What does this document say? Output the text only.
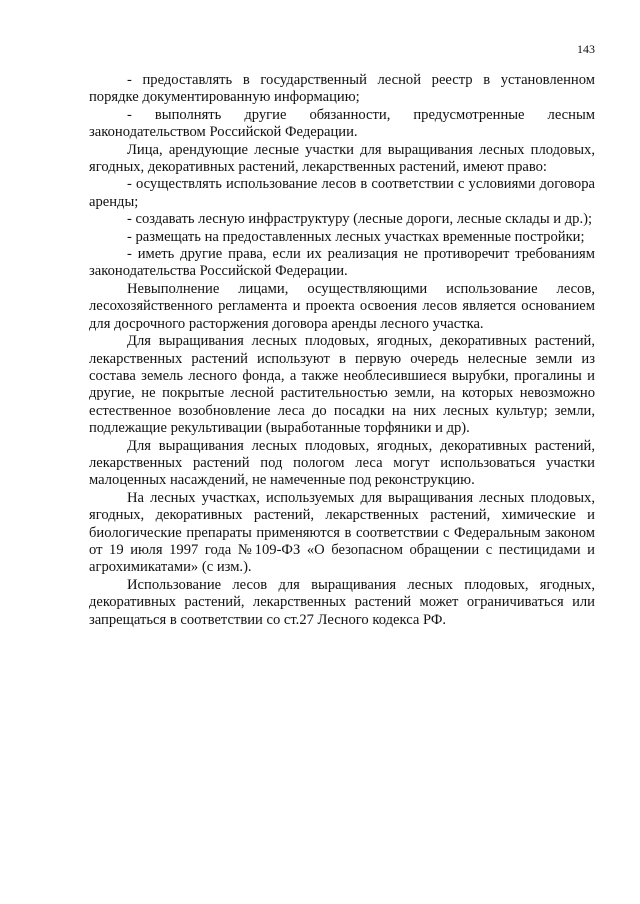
143

- предоставлять в государственный лесной реестр в установленном порядке документированную информацию;

- выполнять другие обязанности, предусмотренные лесным законодательством Российской Федерации.

Лица, арендующие лесные участки для выращивания лесных плодовых, ягодных, декоративных растений, лекарственных растений, имеют право:

- осуществлять использование лесов в соответствии с условиями договора аренды;

- создавать лесную инфраструктуру (лесные дороги, лесные склады и др.);

- размещать на предоставленных лесных участках временные постройки;

- иметь другие права, если их реализация не противоречит требованиям законодательства Российской Федерации.

Невыполнение лицами, осуществляющими использование лесов, лесохозяйственного регламента и проекта освоения лесов является основанием для досрочного расторжения договора аренды лесного участка.

Для выращивания лесных плодовых, ягодных, декоративных растений, лекарственных растений используют в первую очередь нелесные земли из состава земель лесного фонда, а также необлесившиеся вырубки, прогалины и другие, не покрытые лесной растительностью земли, на которых невозможно естественное возобновление леса до посадки на них лесных культур; земли, подлежащие рекультивации (выработанные торфяники и др).

Для выращивания лесных плодовых, ягодных, декоративных растений, лекарственных растений под пологом леса могут использоваться участки малоценных насаждений, не намеченные под реконструкцию.

На лесных участках, используемых для выращивания лесных плодовых, ягодных, декоративных растений, лекарственных растений, химические и биологические препараты применяются в соответствии с Федеральным законом от 19 июля 1997 года №109-ФЗ «О безопасном обращении с пестицидами и агрохимикатами» (с изм.).

Использование лесов для выращивания лесных плодовых, ягодных, декоративных растений, лекарственных растений может ограничиваться или запрещаться в соответствии со ст.27 Лесного кодекса РФ.
